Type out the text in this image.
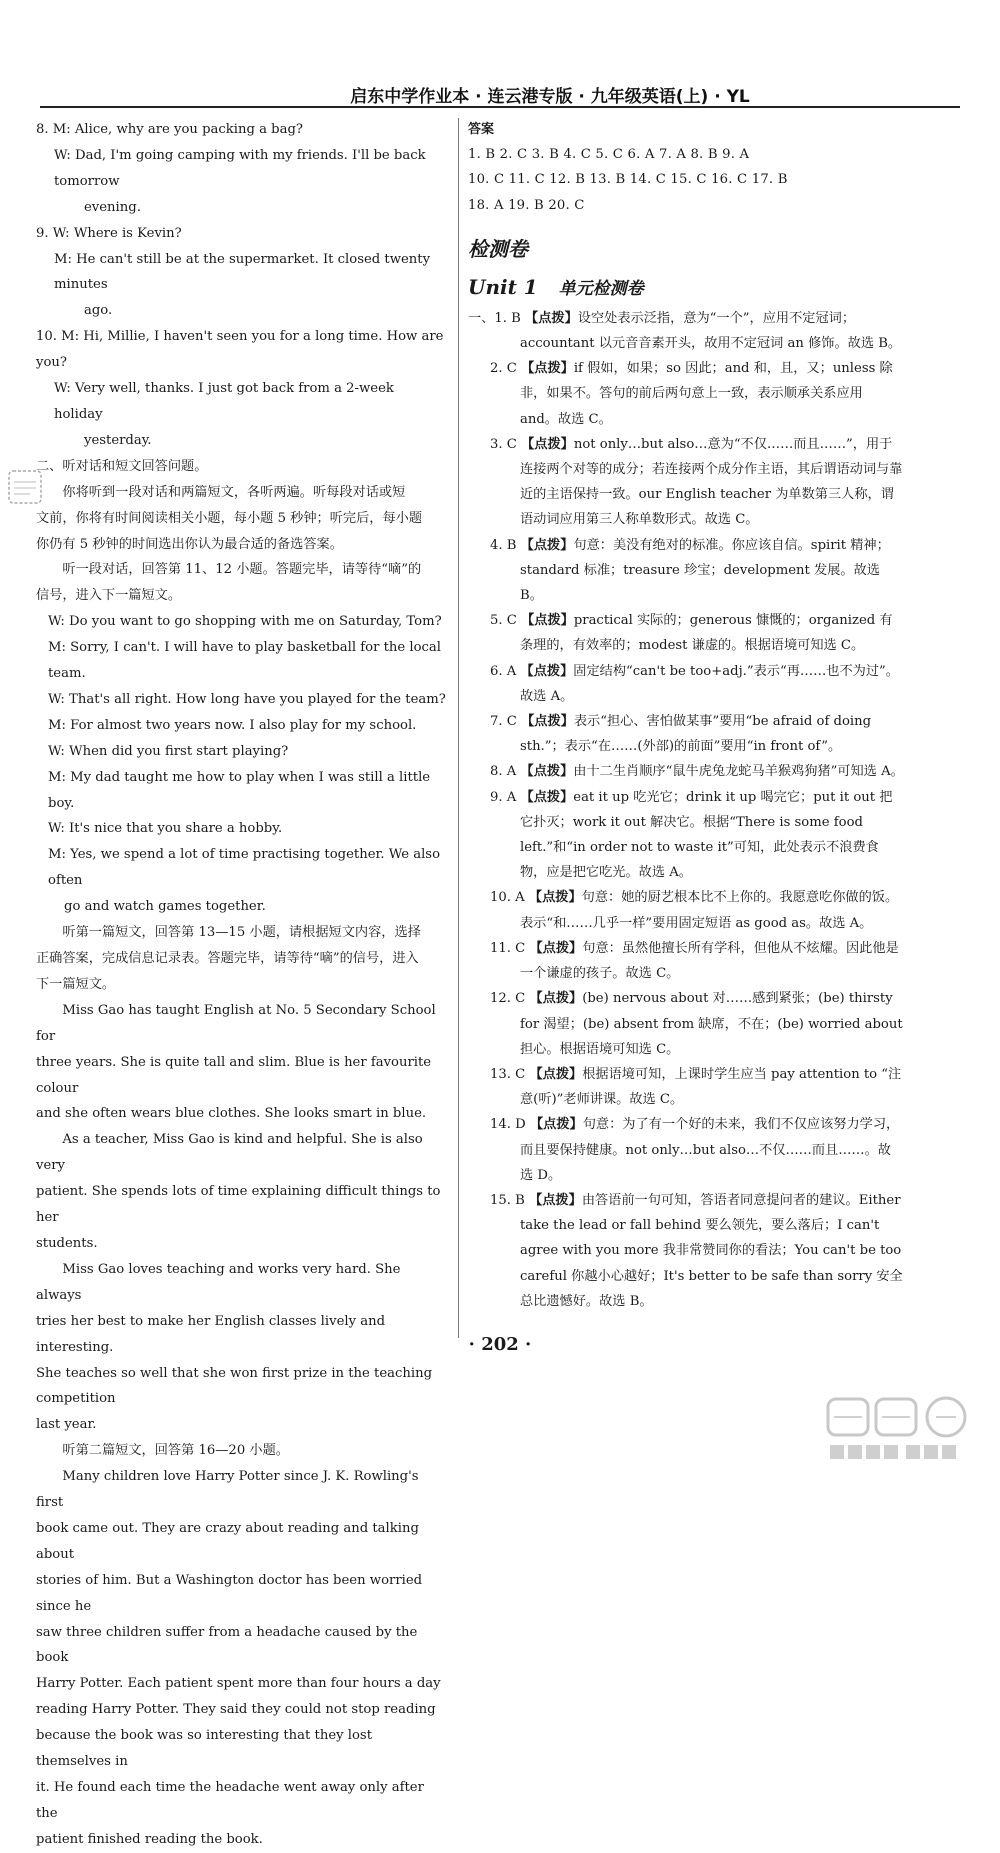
启东中学作业本 · 连云港专版 · 九年级英语(上) · YL

8. M: Alice, why are you packing a bag?

W: Dad, I'm going camping with my friends. I'll be back tomorrow

evening.

9. W: Where is Kevin?

M: He can't still be at the supermarket. It closed twenty minutes

ago.

10. M: Hi, Millie, I haven't seen you for a long time. How are you?

W: Very well, thanks. I just got back from a 2-week holiday

yesterday.

二、听对话和短文回答问题。

你将听到一段对话和两篇短文，各听两遍。听每段对话或短

文前，你将有时间阅读相关小题，每小题 5 秒钟；听完后，每小题

你仍有 5 秒钟的时间选出你认为最合适的备选答案。

听一段对话，回答第 11、12 小题。答题完毕，请等待“嘀”的

信号，进入下一篇短文。

W: Do you want to go shopping with me on Saturday, Tom?

M: Sorry, I can't. I will have to play basketball for the local team.

W: That's all right. How long have you played for the team?

M: For almost two years now. I also play for my school.

W: When did you first start playing?

M: My dad taught me how to play when I was still a little boy.

W: It's nice that you share a hobby.

M: Yes, we spend a lot of time practising together. We also often

go and watch games together.

听第一篇短文，回答第 13—15 小题，请根据短文内容，选择

正确答案，完成信息记录表。答题完毕，请等待“嘀”的信号，进入

下一篇短文。

Miss Gao has taught English at No. 5 Secondary School for

three years. She is quite tall and slim. Blue is her favourite colour

and she often wears blue clothes. She looks smart in blue.

As a teacher, Miss Gao is kind and helpful. She is also very

patient. She spends lots of time explaining difficult things to her

students.

Miss Gao loves teaching and works very hard. She always

tries her best to make her English classes lively and interesting.

She teaches so well that she won first prize in the teaching competition

last year.

听第二篇短文，回答第 16—20 小题。

Many children love Harry Potter since J. K. Rowling's first

book came out. They are crazy about reading and talking about

stories of him. But a Washington doctor has been worried since he

saw three children suffer from a headache caused by the book

Harry Potter. Each patient spent more than four hours a day

reading Harry Potter. They said they could not stop reading

because the book was so interesting that they lost themselves in

it. He found each time the headache went away only after the

patient finished reading the book.

答案

1. B 2. C 3. B 4. C 5. C 6. A 7. A 8. B 9. A

10. C 11. C 12. B 13. B 14. C 15. C 16. C 17. B

18. A 19. B 20. C

检测卷
Unit 1 单元检测卷

一、1. B 【点拨】设空处表示泛指，意为“一个”，应用不定冠词；accountant 以元音音素开头，故用不定冠词 an 修饰。故选 B。

2. C 【点拨】if 假如，如果；so 因此；and 和，且，又；unless 除非，如果不。答句的前后两句意上一致，表示顺承关系应用 and。故选 C。

3. C 【点拨】not only…but also…意为“不仅……而且……”，用于连接两个对等的成分；若连接两个成分作主语，其后谓语动词与靠近的主语保持一致。our English teacher 为单数第三人称，谓语动词应用第三人称单数形式。故选 C。

4. B 【点拨】句意：美没有绝对的标准。你应该自信。spirit 精神；standard 标准；treasure 珍宝；development 发展。故选 B。

5. C 【点拨】practical 实际的；generous 慷慨的；organized 有条理的，有效率的；modest 谦虚的。根据语境可知选 C。

6. A 【点拨】固定结构“can't be too+adj.”表示“再……也不为过”。故选 A。

7. C 【点拨】表示“担心、害怕做某事”要用“be afraid of doing sth.”；表示“在……(外部)的前面”要用“in front of”。

8. A 【点拨】由十二生肖顺序“鼠牛虎兔龙蛇马羊猴鸡狗猪”可知选 A。

9. A 【点拨】eat it up 吃光它；drink it up 喝完它；put it out 把它扑灭；work it out 解决它。根据“There is some food left.”和“in order not to waste it”可知，此处表示不浪费食物，应是把它吃光。故选 A。

10. A 【点拨】句意：她的厨艺根本比不上你的。我愿意吃你做的饭。表示“和……几乎一样”要用固定短语 as good as。故选 A。

11. C 【点拨】句意：虽然他擅长所有学科，但他从不炫耀。因此他是一个谦虚的孩子。故选 C。

12. C 【点拨】(be) nervous about 对……感到紧张；(be) thirsty for 渴望；(be) absent from 缺席，不在；(be) worried about 担心。根据语境可知选 C。

13. C 【点拨】根据语境可知，上课时学生应当 pay attention to “注意(听)”老师讲课。故选 C。

14. D 【点拨】句意：为了有一个好的未来，我们不仅应该努力学习，而且要保持健康。not only…but also…不仅……而且……。故选 D。

15. B 【点拨】由答语前一句可知，答语者同意提问者的建议。Either take the lead or fall behind 要么领先，要么落后；I can't agree with you more 我非常赞同你的看法；You can't be too careful 你越小心越好；It's better to be safe than sorry 安全总比遗憾好。故选 B。

· 202 ·
